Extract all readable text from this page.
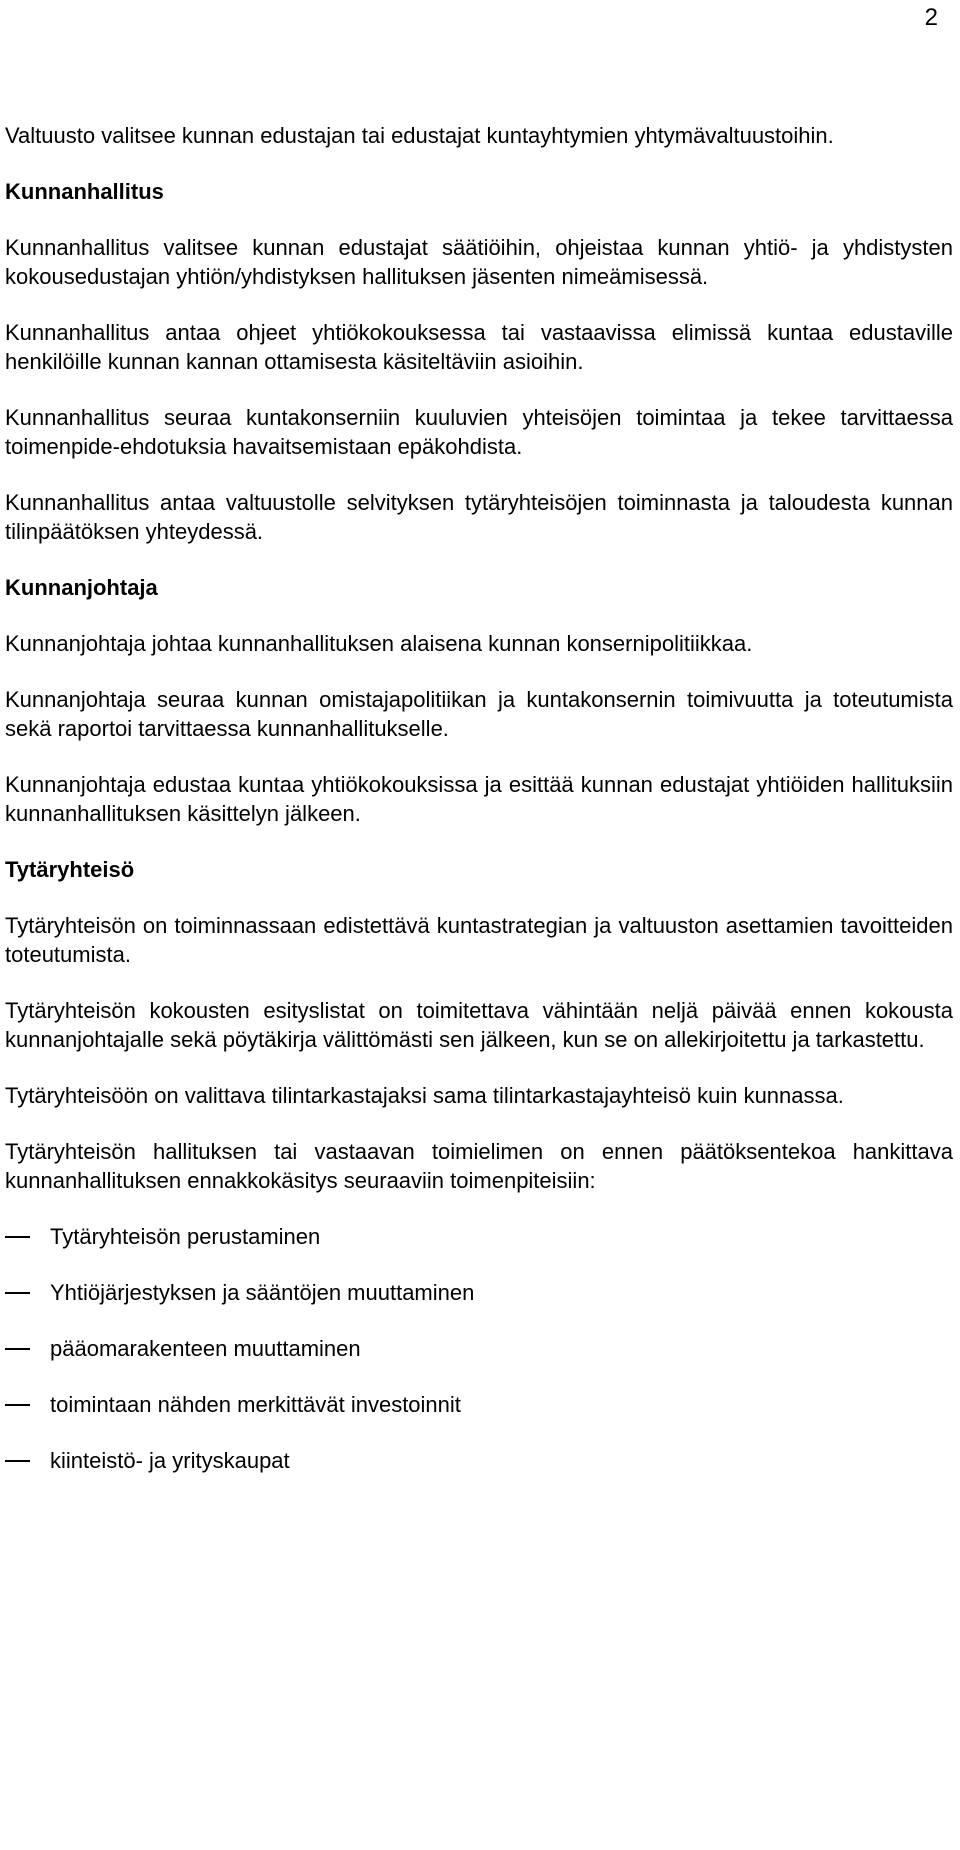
2

Valtuusto valitsee kunnan edustajan tai edustajat kuntayhtymien yhtymävaltuustoihin.

Kunnanhallitus

Kunnanhallitus valitsee kunnan edustajat säätiöihin, ohjeistaa kunnan yhtiö- ja yhdistysten kokousedustajan yhtiön/yhdistyksen hallituksen jäsenten nimeämisessä.

Kunnanhallitus antaa ohjeet yhtiökokouksessa tai vastaavissa elimissä kuntaa edustaville henkilöille kunnan kannan ottamisesta käsiteltäviin asioihin.

Kunnanhallitus seuraa kuntakonserniin kuuluvien yhteisöjen toimintaa ja tekee tarvittaessa toimenpide-ehdotuksia havaitsemistaan epäkohdista.

Kunnanhallitus antaa valtuustolle selvityksen tytäryhteisöjen toiminnasta ja taloudesta kunnan tilinpäätöksen yhteydessä.

Kunnanjohtaja

Kunnanjohtaja johtaa kunnanhallituksen alaisena kunnan konsernipolitiikkaa.

Kunnanjohtaja seuraa kunnan omistajapolitiikan ja kuntakonsernin toimivuutta ja toteutumista sekä raportoi tarvittaessa kunnanhallitukselle.

Kunnanjohtaja edustaa kuntaa yhtiökokouksissa ja esittää kunnan edustajat yhtiöiden hallituksiin kunnanhallituksen käsittelyn jälkeen.

Tytäryhteisö

Tytäryhteisön on toiminnassaan edistettävä kuntastrategian ja valtuuston asettamien tavoitteiden toteutumista.

Tytäryhteisön kokousten esityslistat on toimitettava vähintään neljä päivää ennen kokousta kunnanjohtajalle sekä pöytäkirja välittömästi sen jälkeen, kun se on allekirjoitettu ja tarkastettu.

Tytäryhteisöön on valittava tilintarkastajaksi sama tilintarkastajayhteisö kuin kunnassa.

Tytäryhteisön hallituksen tai vastaavan toimielimen on ennen päätöksentekoa hankittava kunnanhallituksen ennakkokäsitys seuraaviin toimenpiteisiin:

Tytäryhteisön perustaminen
Yhtiöjärjestyksen ja sääntöjen muuttaminen
pääomarakenteen muuttaminen
toimintaan nähden merkittävät investoinnit
kiinteistö- ja yrityskaupat
